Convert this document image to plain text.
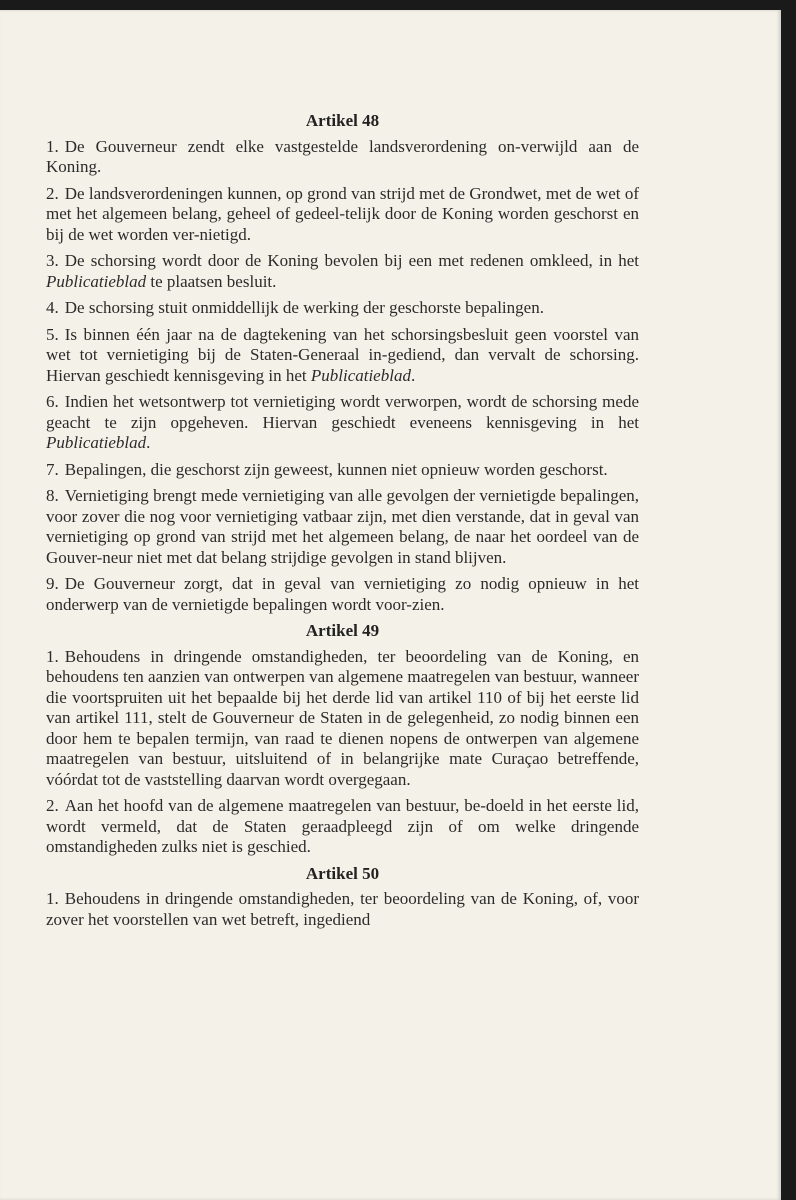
Artikel 48

1. De Gouverneur zendt elke vastgestelde landsverordening on-verwijld aan de Koning.

2. De landsverordeningen kunnen, op grond van strijd met de Grondwet, met de wet of met het algemeen belang, geheel of gedeel-telijk door de Koning worden geschorst en bij de wet worden ver-nietigd.

3. De schorsing wordt door de Koning bevolen bij een met redenen omkleed, in het Publicatieblad te plaatsen besluit.

4. De schorsing stuit onmiddellijk de werking der geschorste bepalingen.

5. Is binnen één jaar na de dagtekening van het schorsingsbesluit geen voorstel van wet tot vernietiging bij de Staten-Generaal in-gediend, dan vervalt de schorsing. Hiervan geschiedt kennisgeving in het Publicatieblad.

6. Indien het wetsontwerp tot vernietiging wordt verworpen, wordt de schorsing mede geacht te zijn opgeheven. Hiervan geschiedt eveneens kennisgeving in het Publicatieblad.

7. Bepalingen, die geschorst zijn geweest, kunnen niet opnieuw worden geschorst.

8. Vernietiging brengt mede vernietiging van alle gevolgen der vernietigde bepalingen, voor zover die nog voor vernietiging vatbaar zijn, met dien verstande, dat in geval van vernietiging op grond van strijd met het algemeen belang, de naar het oordeel van de Gouver-neur niet met dat belang strijdige gevolgen in stand blijven.

9. De Gouverneur zorgt, dat in geval van vernietiging zo nodig opnieuw in het onderwerp van de vernietigde bepalingen wordt voor-zien.

Artikel 49

1. Behoudens in dringende omstandigheden, ter beoordeling van de Koning, en behoudens ten aanzien van ontwerpen van algemene maatregelen van bestuur, wanneer die voortspruiten uit het bepaalde bij het derde lid van artikel 110 of bij het eerste lid van artikel 111, stelt de Gouverneur de Staten in de gelegenheid, zo nodig binnen een door hem te bepalen termijn, van raad te dienen nopens de ontwerpen van algemene maatregelen van bestuur, uitsluitend of in belangrijke mate Curaçao betreffende, vóórdat tot de vaststelling daarvan wordt overgegaan.

2. Aan het hoofd van de algemene maatregelen van bestuur, be-doeld in het eerste lid, wordt vermeld, dat de Staten geraadpleegd zijn of om welke dringende omstandigheden zulks niet is geschied.

Artikel 50

1. Behoudens in dringende omstandigheden, ter beoordeling van de Koning, of, voor zover het voorstellen van wet betreft, ingediend
